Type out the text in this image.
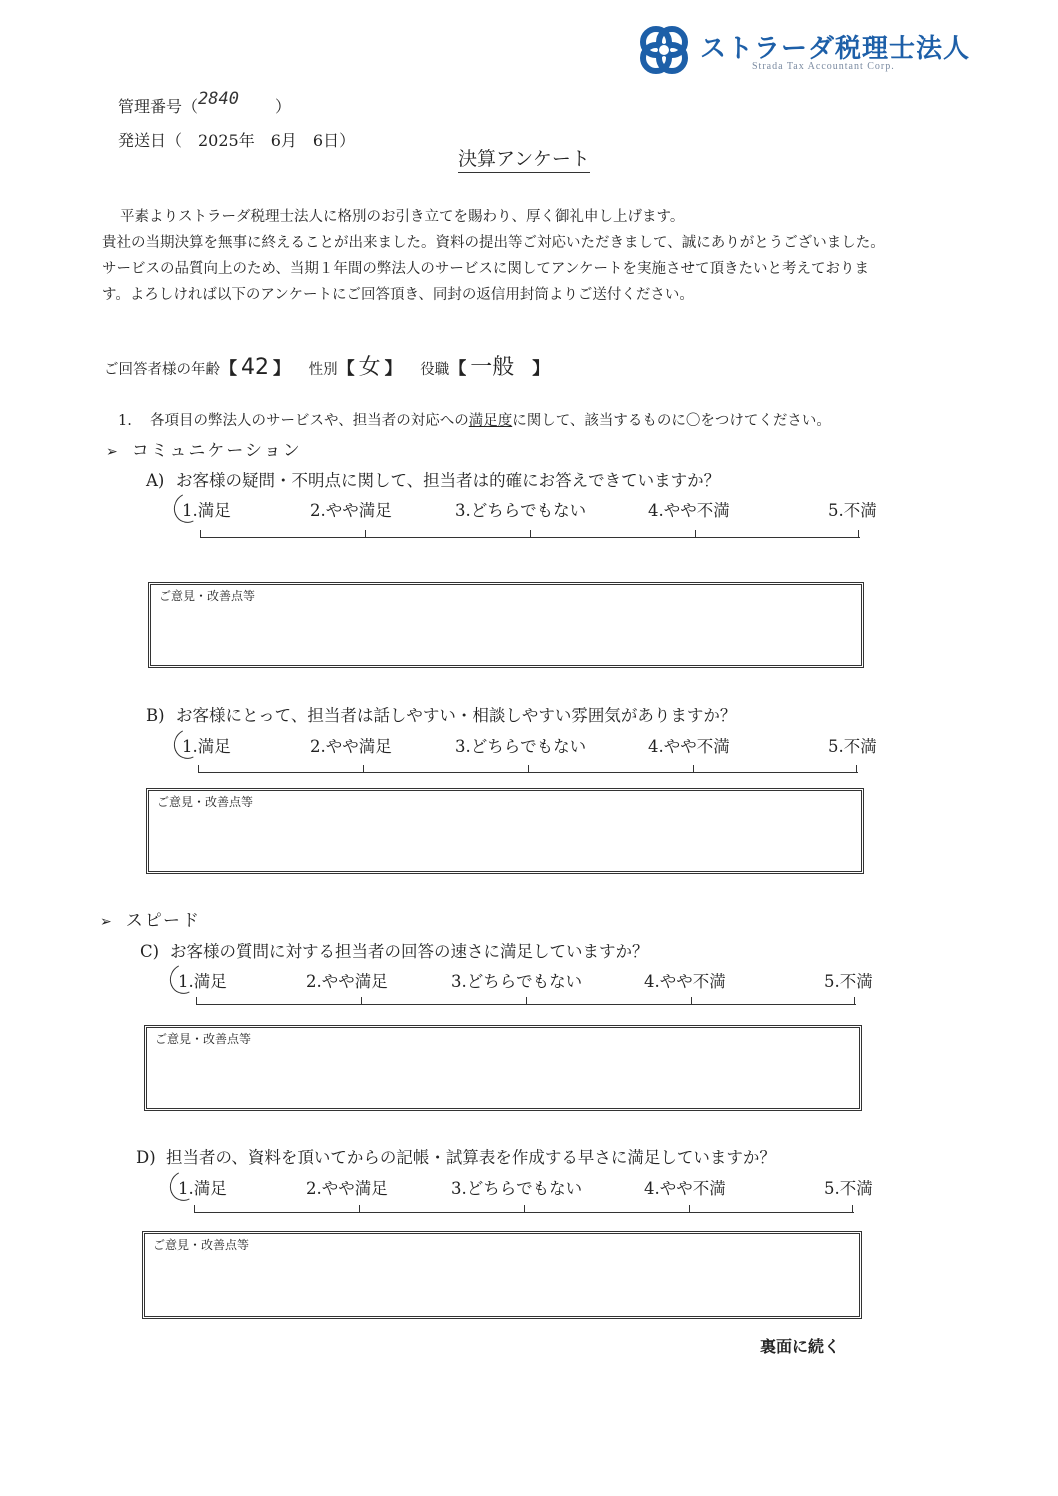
ストラーダ税理士法人
Strada Tax Accountant Corp.
管理番号（2840 ）
発送日（　2025年　6月　6日）
決算アンケート

平素よりストラーダ税理士法人に格別のお引き立てを賜わり、厚く御礼申し上げます。

貴社の当期決算を無事に終えることが出来ました。資料の提出等ご対応いただきまして、誠にありがとうございました。

サービスの品質向上のため、当期１年間の弊法人のサービスに関してアンケートを実施させて頂きたいと考えておりま

す。よろしければ以下のアンケートにご回答頂き、同封の返信用封筒よりご送付ください。

ご回答者様の年齢【 42 】 性別【 女 】 役職【 一般 】
1. 各項目の弊法人のサービスや、担当者の対応への満足度に関して、該当するものに〇をつけてください。
➢ コミュニケーション
A) お客様の疑問・不明点に関して、担当者は的確にお答えできていますか？
1.満足	2.やや満足	3.どちらでもない	4.やや不満	5.不満
ご意見・改善点等
B) お客様にとって、担当者は話しやすい・相談しやすい雰囲気がありますか？
1.満足	2.やや満足	3.どちらでもない	4.やや不満	5.不満
ご意見・改善点等
➢ スピード
C) お客様の質問に対する担当者の回答の速さに満足していますか？
1.満足	2.やや満足	3.どちらでもない	4.やや不満	5.不満
ご意見・改善点等
D) 担当者の、資料を頂いてからの記帳・試算表を作成する早さに満足していますか？
1.満足	2.やや満足	3.どちらでもない	4.やや不満	5.不満
ご意見・改善点等
裏面に続く
